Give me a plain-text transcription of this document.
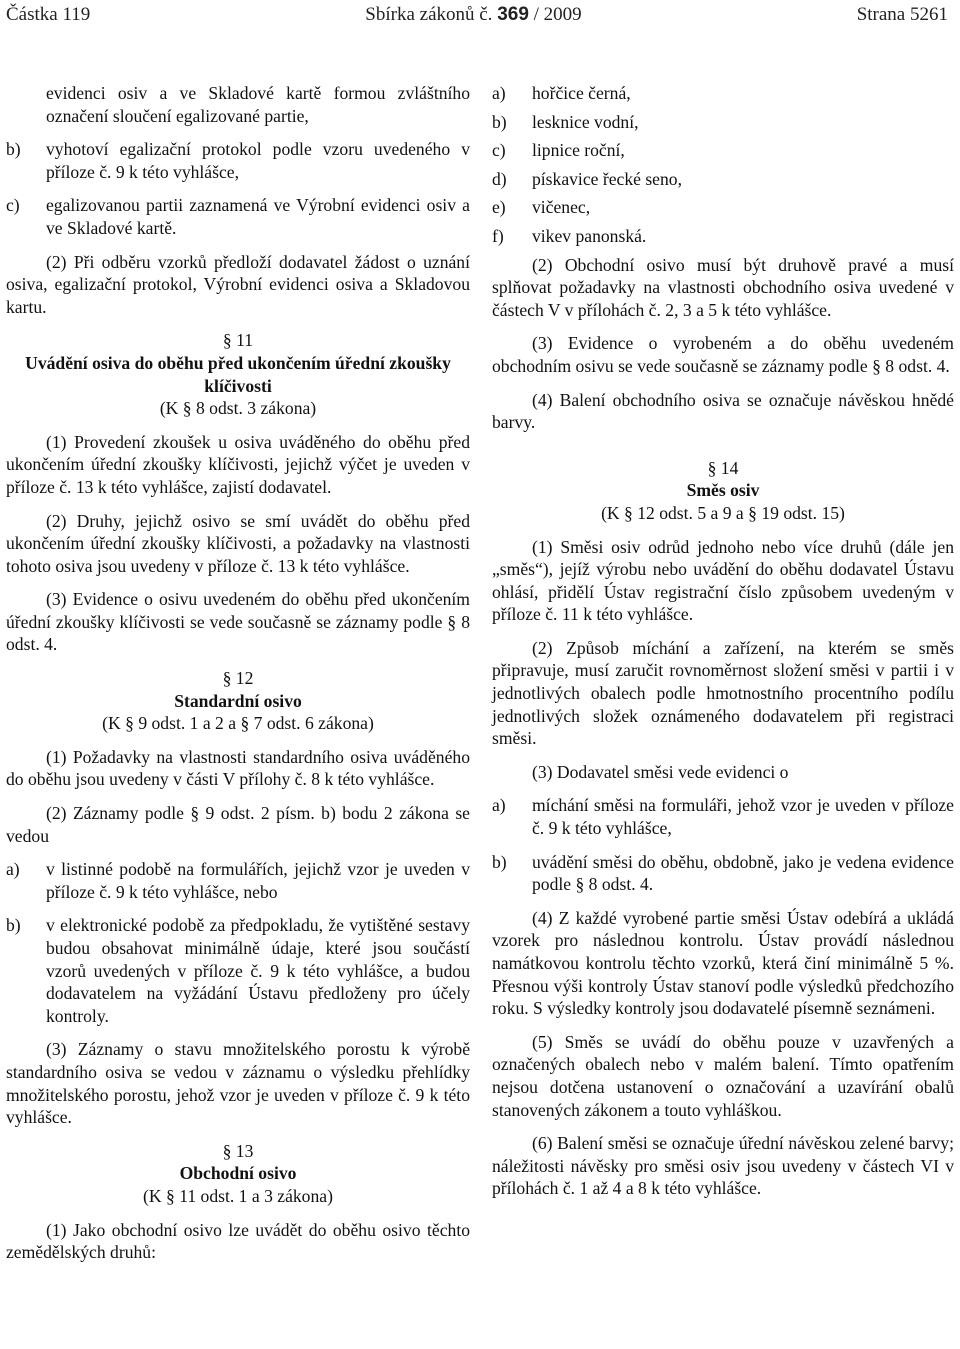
Částka 119	Sbírka zákonů č. 369 / 2009	Strana 5261
evidenci osiv a ve Skladové kartě formou zvláštního označení sloučení egalizované partie,
b)	vyhotoví egalizační protokol podle vzoru uvedeného v příloze č. 9 k této vyhlášce,
c)	egalizovanou partii zaznamená ve Výrobní evidenci osiv a ve Skladové kartě.

(2) Při odběru vzorků předloží dodavatel žádost o uznání osiva, egalizační protokol, Výrobní evidenci osiva a Skladovou kartu.

§ 11
Uvádění osiva do oběhu před ukončením úřední zkoušky klíčivosti
(K § 8 odst. 3 zákona)

(1) Provedení zkoušek u osiva uváděného do oběhu před ukončením úřední zkoušky klíčivosti, jejichž výčet je uveden v příloze č. 13 k této vyhlášce, zajistí dodavatel.

(2) Druhy, jejichž osivo se smí uvádět do oběhu před ukončením úřední zkoušky klíčivosti, a požadavky na vlastnosti tohoto osiva jsou uvedeny v příloze č. 13 k této vyhlášce.

(3) Evidence o osivu uvedeném do oběhu před ukončením úřední zkoušky klíčivosti se vede současně se záznamy podle § 8 odst. 4.

§ 12
Standardní osivo
(K § 9 odst. 1 a 2 a § 7 odst. 6 zákona)

(1) Požadavky na vlastnosti standardního osiva uváděného do oběhu jsou uvedeny v části V přílohy č. 8 k této vyhlášce.

(2) Záznamy podle § 9 odst. 2 písm. b) bodu 2 zákona se vedou

a)	v listinné podobě na formulářích, jejichž vzor je uveden v příloze č. 9 k této vyhlášce, nebo
b)	v elektronické podobě za předpokladu, že vytištěné sestavy budou obsahovat minimálně údaje, které jsou součástí vzorů uvedených v příloze č. 9 k této vyhlášce, a budou dodavatelem na vyžádání Ústavu předloženy pro účely kontroly.

(3) Záznamy o stavu množitelského porostu k výrobě standardního osiva se vedou v záznamu o výsledku přehlídky množitelského porostu, jehož vzor je uveden v příloze č. 9 k této vyhlášce.

§ 13
Obchodní osivo
(K § 11 odst. 1 a 3 zákona)

(1) Jako obchodní osivo lze uvádět do oběhu osivo těchto zemědělských druhů:

a)	hořčice černá,
b)	lesknice vodní,
c)	lipnice roční,
d)	pískavice řecké seno,
e)	vičenec,
f)	vikev panonská.

(2) Obchodní osivo musí být druhově pravé a musí splňovat požadavky na vlastnosti obchodního osiva uvedené v částech V v přílohách č. 2, 3 a 5 k této vyhlášce.

(3) Evidence o vyrobeném a do oběhu uvedeném obchodním osivu se vede současně se záznamy podle § 8 odst. 4.

(4) Balení obchodního osiva se označuje návěskou hnědé barvy.

§ 14
Směs osiv
(K § 12 odst. 5 a 9 a § 19 odst. 15)

(1) Směsi osiv odrůd jednoho nebo více druhů (dále jen „směs“), jejíž výrobu nebo uvádění do oběhu dodavatel Ústavu ohlásí, přidělí Ústav registrační číslo způsobem uvedeným v příloze č. 11 k této vyhlášce.

(2) Způsob míchání a zařízení, na kterém se směs připravuje, musí zaručit rovnoměrnost složení směsi v partii i v jednotlivých obalech podle hmotnostního procentního podílu jednotlivých složek oznámeného dodavatelem při registraci směsi.

(3) Dodavatel směsi vede evidenci o

a)	míchání směsi na formuláři, jehož vzor je uveden v příloze č. 9 k této vyhlášce,
b)	uvádění směsi do oběhu, obdobně, jako je vedena evidence podle § 8 odst. 4.

(4) Z každé vyrobené partie směsi Ústav odebírá a ukládá vzorek pro následnou kontrolu. Ústav provádí následnou namátkovou kontrolu těchto vzorků, která činí minimálně 5 %. Přesnou výši kontroly Ústav stanoví podle výsledků předchozího roku. S výsledky kontroly jsou dodavatelé písemně seznámeni.

(5) Směs se uvádí do oběhu pouze v uzavřených a označených obalech nebo v malém balení. Tímto opatřením nejsou dotčena ustanovení o označování a uzavírání obalů stanovených zákonem a touto vyhláškou.

(6) Balení směsi se označuje úřední návěskou zelené barvy; náležitosti návěsky pro směsi osiv jsou uvedeny v částech VI v přílohách č. 1 až 4 a 8 k této vyhlášce.
